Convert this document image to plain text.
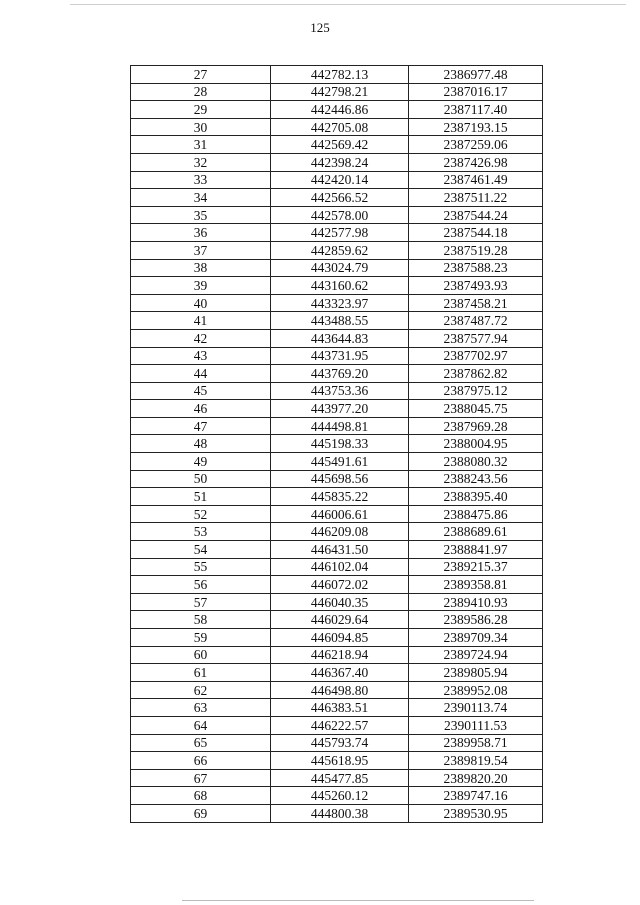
125
27	442782.13	2386977.48
28	442798.21	2387016.17
29	442446.86	2387117.40
30	442705.08	2387193.15
31	442569.42	2387259.06
32	442398.24	2387426.98
33	442420.14	2387461.49
34	442566.52	2387511.22
35	442578.00	2387544.24
36	442577.98	2387544.18
37	442859.62	2387519.28
38	443024.79	2387588.23
39	443160.62	2387493.93
40	443323.97	2387458.21
41	443488.55	2387487.72
42	443644.83	2387577.94
43	443731.95	2387702.97
44	443769.20	2387862.82
45	443753.36	2387975.12
46	443977.20	2388045.75
47	444498.81	2387969.28
48	445198.33	2388004.95
49	445491.61	2388080.32
50	445698.56	2388243.56
51	445835.22	2388395.40
52	446006.61	2388475.86
53	446209.08	2388689.61
54	446431.50	2388841.97
55	446102.04	2389215.37
56	446072.02	2389358.81
57	446040.35	2389410.93
58	446029.64	2389586.28
59	446094.85	2389709.34
60	446218.94	2389724.94
61	446367.40	2389805.94
62	446498.80	2389952.08
63	446383.51	2390113.74
64	446222.57	2390111.53
65	445793.74	2389958.71
66	445618.95	2389819.54
67	445477.85	2389820.20
68	445260.12	2389747.16
69	444800.38	2389530.95
